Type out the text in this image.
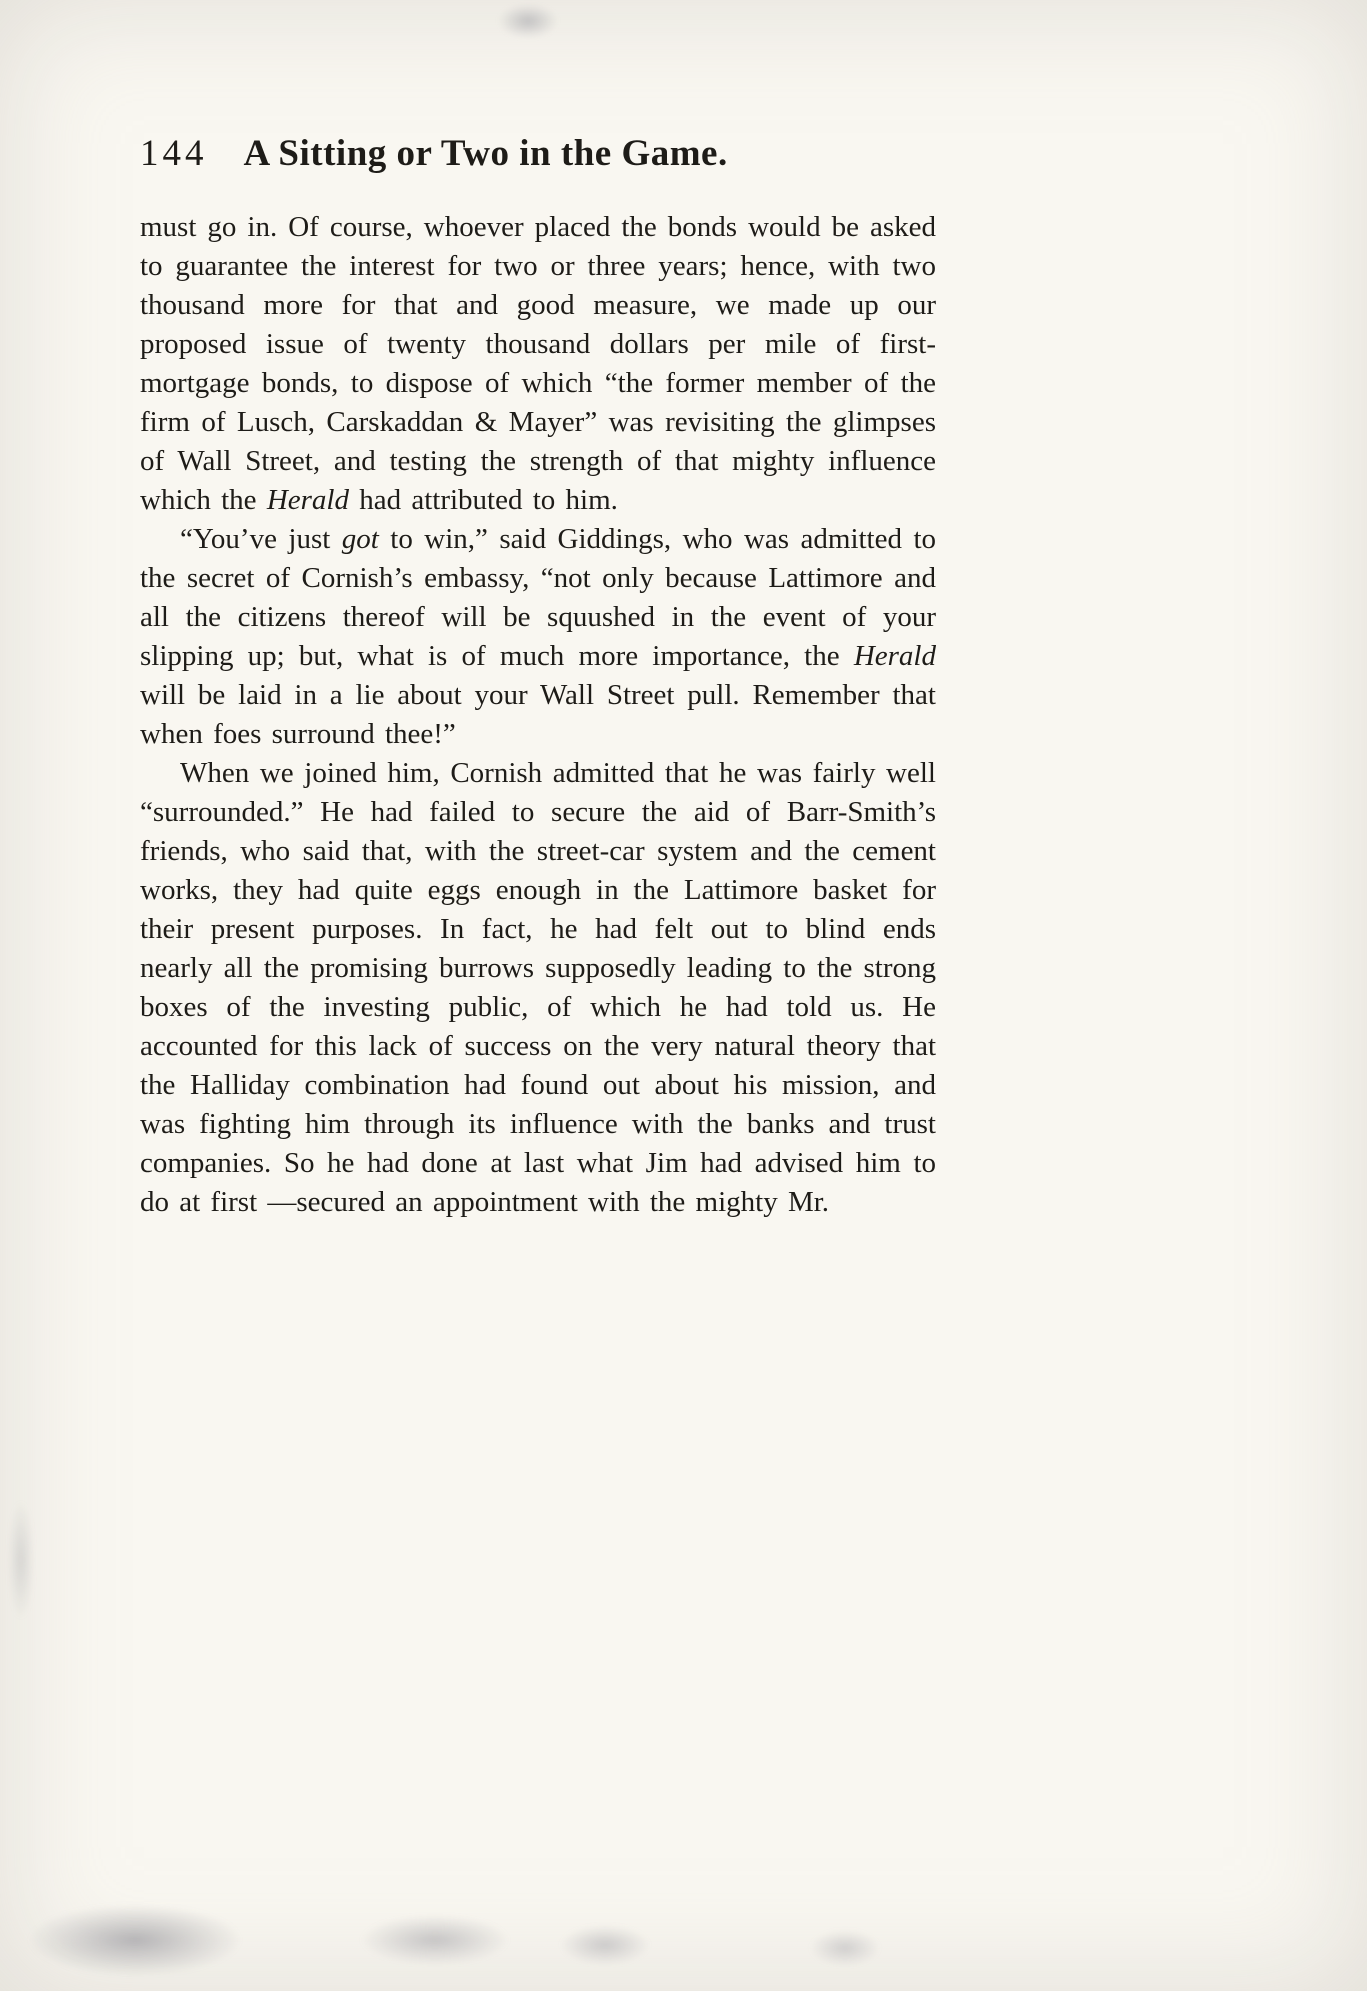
144 A Sitting or Two in the Game.

must go in. Of course, whoever placed the bonds would be asked to guarantee the interest for two or three years; hence, with two thousand more for that and good measure, we made up our proposed issue of twenty thousand dollars per mile of first-mortgage bonds, to dispose of which “the former member of the firm of Lusch, Carskaddan & Mayer” was revisiting the glimpses of Wall Street, and testing the strength of that mighty influence which the Herald had attributed to him.

“You’ve just got to win,” said Giddings, who was admitted to the secret of Cornish’s embassy, “not only because Lattimore and all the citizens thereof will be squushed in the event of your slipping up; but, what is of much more importance, the Herald will be laid in a lie about your Wall Street pull. Remember that when foes surround thee!”

When we joined him, Cornish admitted that he was fairly well “surrounded.” He had failed to secure the aid of Barr-Smith’s friends, who said that, with the street-car system and the cement works, they had quite eggs enough in the Lattimore basket for their present purposes. In fact, he had felt out to blind ends nearly all the promising burrows supposedly leading to the strong boxes of the investing public, of which he had told us. He accounted for this lack of success on the very natural theory that the Halliday combination had found out about his mission, and was fighting him through its influence with the banks and trust companies. So he had done at last what Jim had advised him to do at first —secured an appointment with the mighty Mr.
